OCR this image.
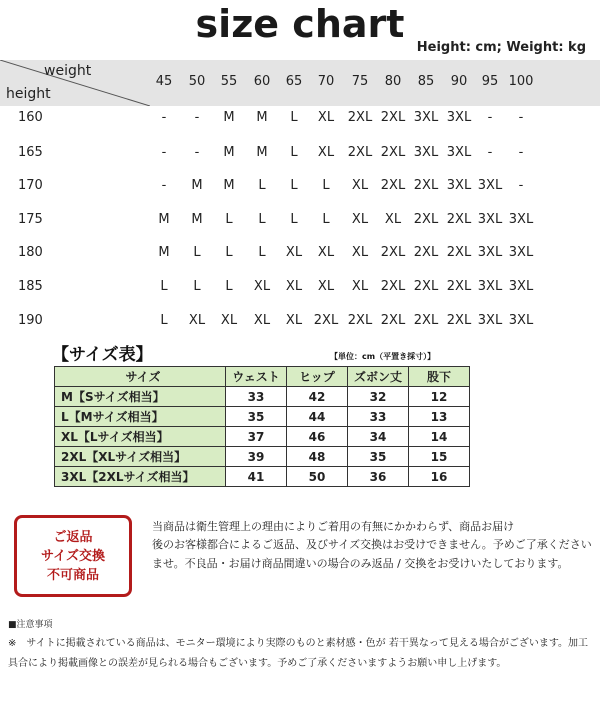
size chart
Height: cm; Weight: kg
weight
height
45 50 55 60 65 70 75 80 85 90 95 100
160	- - M M L XL 2XL 2XL 3XL 3XL - -
165	- - M M L XL 2XL 2XL 3XL 3XL - -
170	- M M L L L XL 2XL 2XL 3XL 3XL -
175	M M L L L L XL XL 2XL 2XL 3XL 3XL
180	M L L L XL XL XL 2XL 2XL 2XL 3XL 3XL
185	L L L XL XL XL XL 2XL 2XL 2XL 3XL 3XL
190	L XL XL XL XL 2XL 2XL 2XL 2XL 2XL 3XL 3XL
【サイズ表】	【単位：cm（平置き採寸）】
サイズ	ウェスト	ヒップ	ズボン丈	股下
M【Sサイズ相当】	33	42	32	12
L【Mサイズ相当】	35	44	33	13
XL【Lサイズ相当】	37	46	34	14
2XL【XLサイズ相当】	39	48	35	15
3XL【2XLサイズ相当】	41	50	36	16
ご返品
サイズ交換
不可商品
当商品は衛生管理上の理由によりご着用の有無にかかわらず、商品お届け
後のお客様都合によるご返品、及びサイズ交換はお受けできません。予めご了承くださいませ。不良品・お届け商品間違いの場合のみ返品 / 交換をお受けいたしております。
■注意事項
※　サイトに掲載されている商品は、モニター環境により実際のものと素材感・色が 若干異なって見える場合がございます。加工具合により掲載画像との誤差が見られる場合もございます。予めご了承くださいますようお願い申し上げます。
